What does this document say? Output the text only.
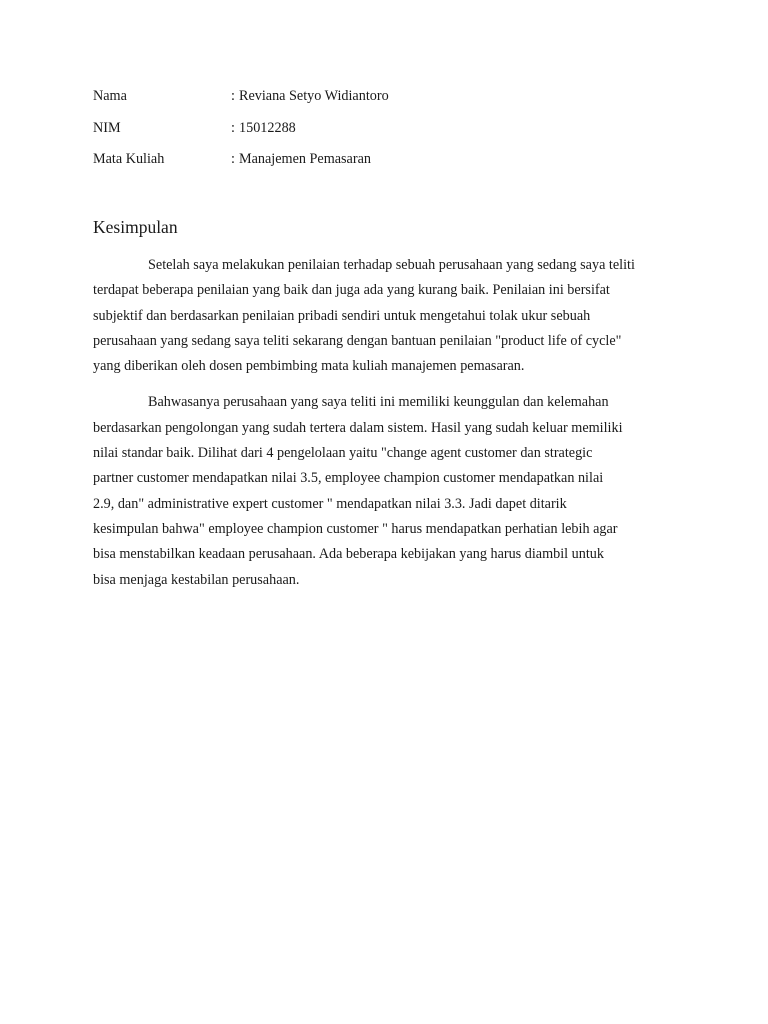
Nama	: Reviana Setyo Widiantoro
NIM	: 15012288
Mata Kuliah	: Manajemen Pemasaran
Kesimpulan

Setelah saya melakukan penilaian terhadap sebuah perusahaan yang sedang saya teliti
terdapat beberapa penilaian yang baik dan juga ada yang kurang baik. Penilaian ini bersifat
subjektif dan berdasarkan penilaian pribadi sendiri untuk mengetahui tolak ukur sebuah
perusahaan yang sedang saya teliti sekarang dengan bantuan penilaian "product life of cycle"
yang diberikan oleh dosen pembimbing mata kuliah manajemen pemasaran.

Bahwasanya perusahaan yang saya teliti ini memiliki keunggulan dan kelemahan
berdasarkan pengolongan yang sudah tertera dalam sistem. Hasil yang sudah keluar memiliki
nilai standar baik. Dilihat dari 4 pengelolaan yaitu "change agent customer dan strategic
partner customer mendapatkan nilai 3.5, employee champion customer mendapatkan nilai
2.9, dan" administrative expert customer " mendapatkan nilai 3.3. Jadi dapet ditarik
kesimpulan bahwa" employee champion customer " harus mendapatkan perhatian lebih agar
bisa menstabilkan keadaan perusahaan. Ada beberapa kebijakan yang harus diambil untuk
bisa menjaga kestabilan perusahaan.
